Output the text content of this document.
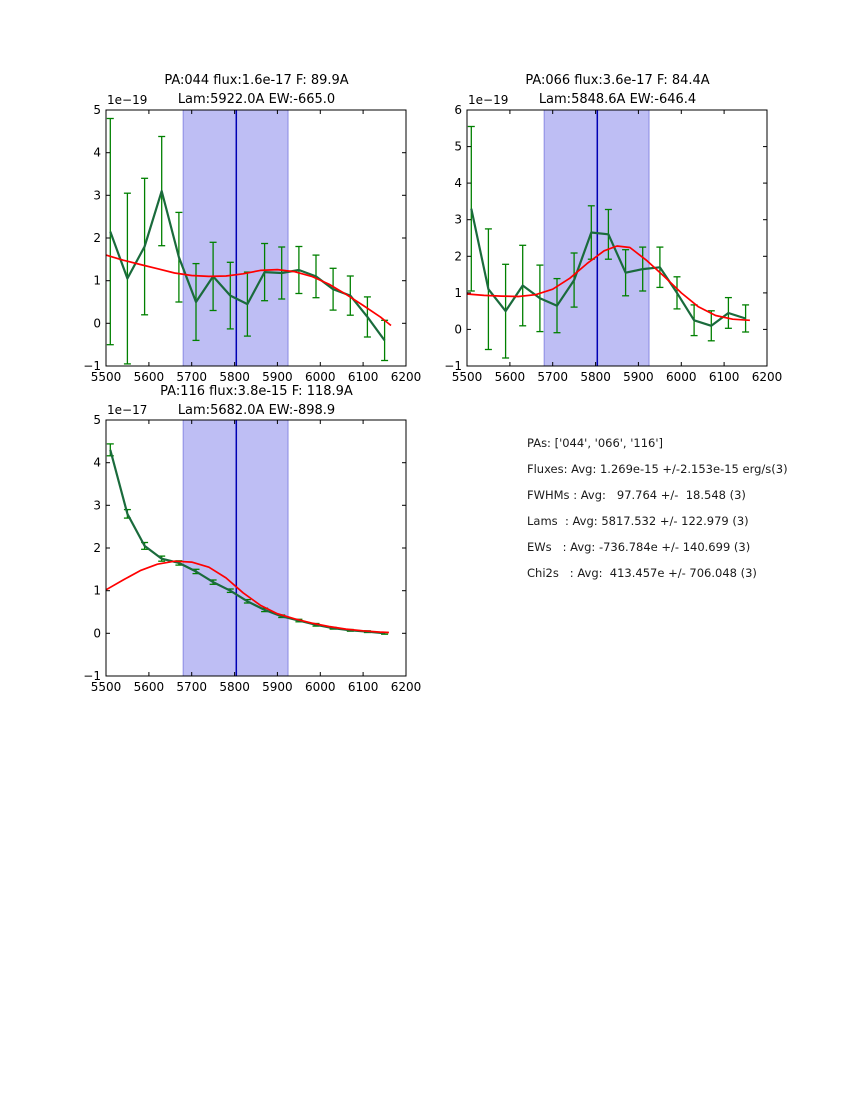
PA:044 flux:1.6e-17 F: 89.9A
Lam:5922.0A EW:-665.0
5500 5600 5700 5800 5900 6000 6100 6200
−1
0
1
2
3
4
5
1e−19
PA:066 flux:3.6e-17 F: 84.4A
Lam:5848.6A EW:-646.4
5500 5600 5700 5800 5900 6000 6100 6200
−1
0
1
2
3
4
5
6
1e−19
PA:116 flux:3.8e-15 F: 118.9A
Lam:5682.0A EW:-898.9
5500 5600 5700 5800 5900 6000 6100 6200
−1
0
1
2
3
4
5
1e−17
PAs: ['044', '066', '116']
Fluxes: Avg: 1.269e-15 +/-2.153e-15 erg/s(3)
FWHMs : Avg:   97.764 +/-  18.548 (3)
Lams  : Avg: 5817.532 +/- 122.979 (3)
EWs   : Avg: -736.784e +/- 140.699 (3)
Chi2s   : Avg:  413.457e +/- 706.048 (3)
